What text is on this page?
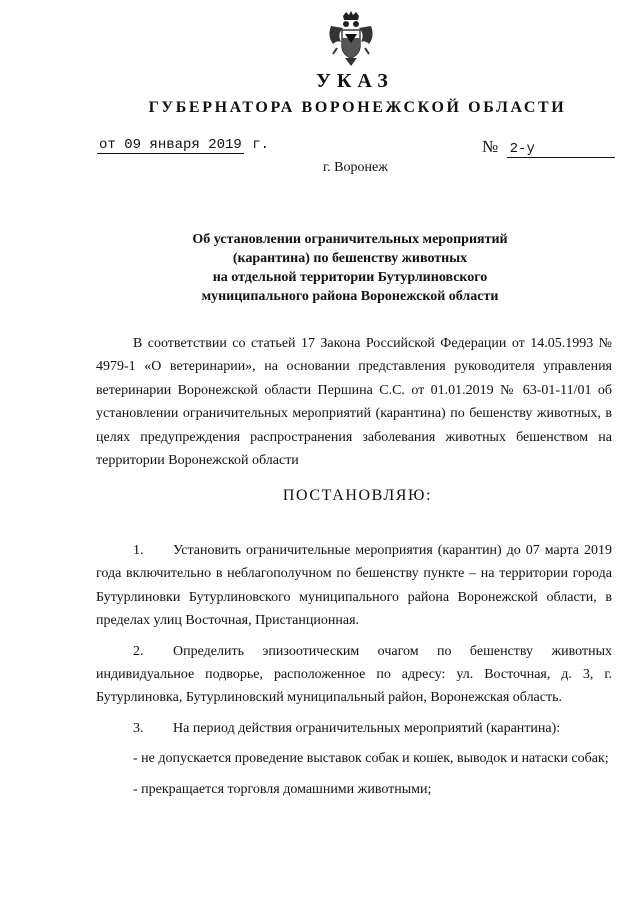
УКАЗ
ГУБЕРНАТОРА ВОРОНЕЖСКОЙ ОБЛАСТИ
от 09 января 2019 г.	№ 2-у
г. Воронеж
Об установлении ограничительных мероприятий
(карантина) по бешенству животных
на отдельной территории Бутурлиновского
муниципального района Воронежской области

В соответствии со статьей 17 Закона Российской Федерации от 14.05.1993 № 4979-1 «О ветеринарии», на основании представления руководителя управления ветеринарии Воронежской области Першина С.С. от 01.01.2019 № 63-01-11/01 об установлении ограничительных мероприятий (карантина) по бешенству животных, в целях предупреждения распространения заболевания животных бешенством на территории Воронежской области

ПОСТАНОВЛЯЮ:

1. Установить ограничительные мероприятия (карантин) до 07 марта 2019 года включительно в неблагополучном по бешенству пункте – на территории города Бутурлиновки Бутурлиновского муниципального района Воронежской области, в пределах улиц Восточная, Пристанционная.

2. Определить эпизоотическим очагом по бешенству животных индивидуальное подворье, расположенное по адресу: ул. Восточная, д. 3, г. Бутурлиновка, Бутурлиновский муниципальный район, Воронежская область.

3. На период действия ограничительных мероприятий (карантина):

- не допускается проведение выставок собак и кошек, выводок и натаски собак;

- прекращается торговля домашними животными;
